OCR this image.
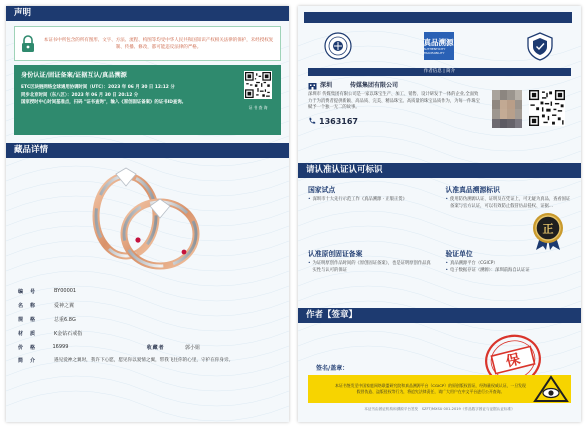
声明
本证书中所包含的所有图形、文字、方法、流程、构图等均受中华人民共和国知识产权相关法律的保护，未经授权复制、传播、修改，都可能违反法律的严格。
身份认证/固证备案/证据互认/真品溯源
ETC区块链网络全球通用协调时间（UTC）：2023 年 06 月 30 日 12:12 分
同步北京时间（东八区）：2023 年 06 月 30 日 20:12 分
国家授时中心时间基准点，扫码 "证书查询"，输入《原创固证备案》的证书ID查询。
证 书 查 询
藏品详情
编　号	BY00001
名　称	爱神之翼
规　格	总重6.8G
材　质	K金钻石戒指
价　格	16999	收藏者	郭小姐
简　介	遇见爱神之翼时，我许下心愿，愿见你以爱情之翼，带我飞往你的心里，守护在你身旁。
真品溯源
AUTHENTICITY TRACEABILITY
作者信息 | 简介
深圳　　　传媒集团有限公司
深圳市 传媒集团有限公司是一家以珠宝生产、加工、销售、设计研发于一体的企业,全面致力于为消费者提供新颖、高品质、完美、精品珠宝。高质量的珠宝品质作为，为每一件珠宝赋予一个独一无二的故事。
1363167

请认准认证认可标识
国家试点
• 深圳市十大先行示范工作《真品溯源 · 正版正货》
认准原创固证备案
• 为证明原创作品时间的《原创固证备案》，也是证明原创作品真实性与认可的保证
认准真品溯源标识
• 使用防伪溯源认证、证明及在凭证上，可无疑为真品，查看固证备案与官方认证，可以有效防止假冒仿品侵权、证据...
验证单位
• 真品溯源平台（CGICP）
• 电子数据存证（溯源）：深圳前海自认证证
正
作者【签章】
签名/盖章：	保
本证书签发至中国家庭网络联盟研究院和真品溯源平台（CGICP）的原创版权固证，经海量权威认证，一旦发现假冒伪造、盗版侵权等行为，将追究法律责任，请广大用户在中文平台进行公开查询。
本证书由固证机构和溯源平台签发　SZFT/MXSU 001-2019《作品数字固证与证据认证标准》
